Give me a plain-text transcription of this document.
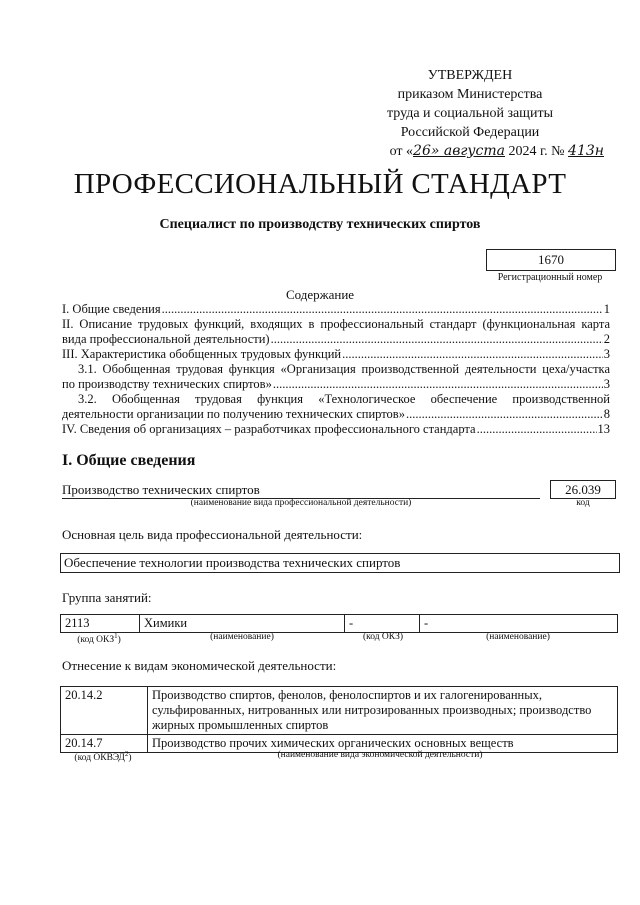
УТВЕРЖДЕН
приказом Министерства
труда и социальной защиты
Российской Федерации
от «26» августа 2024 г. № 413н
ПРОФЕССИОНАЛЬНЫЙ СТАНДАРТ
Специалист по производству технических спиртов
1670
Регистрационный номер
Содержание
I. Общие сведения .....	1
II. Описание трудовых функций, входящих в профессиональный стандарт (функциональная карта
вида профессиональной деятельности) .....	2
III. Характеристика обобщенных трудовых функций .....	3
3.1. Обобщенная трудовая функция «Организация производственной деятельности цеха/участка
по производству технических спиртов» .....	3
3.2. Обобщенная трудовая функция «Технологическое обеспечение производственной
деятельности организации по получению технических спиртов» .....	8
IV. Сведения об организациях – разработчиках профессионального стандарта .....	13
I. Общие сведения
Производство технических спиртов	26.039
(наименование вида профессиональной деятельности)	код
Основная цель вида профессиональной деятельности:
Обеспечение технологии производства технических спиртов
Группа занятий:
2113	Химики	-	-
(код ОКЗ$^1$)	(наименование)	(код ОКЗ)	(наименование)
Отнесение к видам экономической деятельности:
20.14.2	Производство спиртов, фенолов, фенолоспиртов и их галогенированных, сульфированных, нитрованных или нитрозированных производных; производство жирных промышленных спиртов
20.14.7	Производство прочих химических органических основных веществ
(код ОКВЭД$^2$)	(наименование вида экономической деятельности)
